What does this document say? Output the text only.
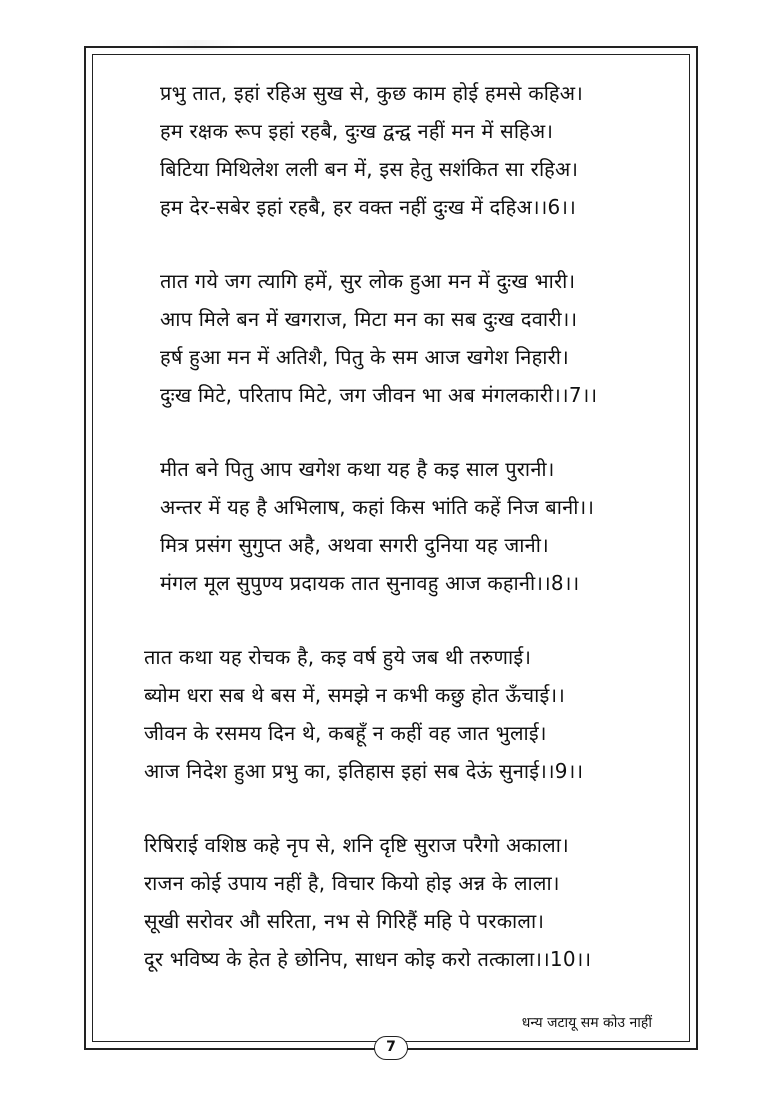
प्रभु तात, इहां रहिअ सुख से, कुछ काम होई हमसे कहिअ।
हम रक्षक रूप इहां रहबै, दुःख द्वन्द्व नहीं मन में सहिअ।
बिटिया मिथिलेश लली बन में, इस हेतु सशंकित सा रहिअ।
हम देर-सबेर इहां रहबै, हर वक्त नहीं दुःख में दहिअ।।6।।
तात गये जग त्यागि हमें, सुर लोक हुआ मन में दुःख भारी।
आप मिले बन में खगराज, मिटा मन का सब दुःख दवारी।।
हर्ष हुआ मन में अतिशै, पितु के सम आज खगेश निहारी।
दुःख मिटे, परिताप मिटे, जग जीवन भा अब मंगलकारी।।7।।
मीत बने पितु आप खगेश कथा यह है कइ साल पुरानी।
अन्तर में यह है अभिलाष, कहां किस भांति कहें निज बानी।।
मित्र प्रसंग सुगुप्त अहै, अथवा सगरी दुनिया यह जानी।
मंगल मूल सुपुण्य प्रदायक तात सुनावहु आज कहानी।।8।।
तात कथा यह रोचक है, कइ वर्ष हुये जब थी तरुणाई।
ब्योम धरा सब थे बस में, समझे न कभी कछु होत ऊँचाई।।
जीवन के रसमय दिन थे, कबहूँ न कहीं वह जात भुलाई।
आज निदेश हुआ प्रभु का, इतिहास इहां सब देऊं सुनाई।।9।।
रिषिराई वशिष्ठ कहे नृप से, शनि दृष्टि सुराज परैगो अकाला।
राजन कोई उपाय नहीं है, विचार कियो होइ अन्न के लाला।
सूखी सरोवर औ सरिता, नभ से गिरिहैं महि पे परकाला।
दूर भविष्य के हेत हे छोनिप, साधन कोइ करो तत्काला।।10।।
धन्य जटायू सम कोउ नाहीं
7
